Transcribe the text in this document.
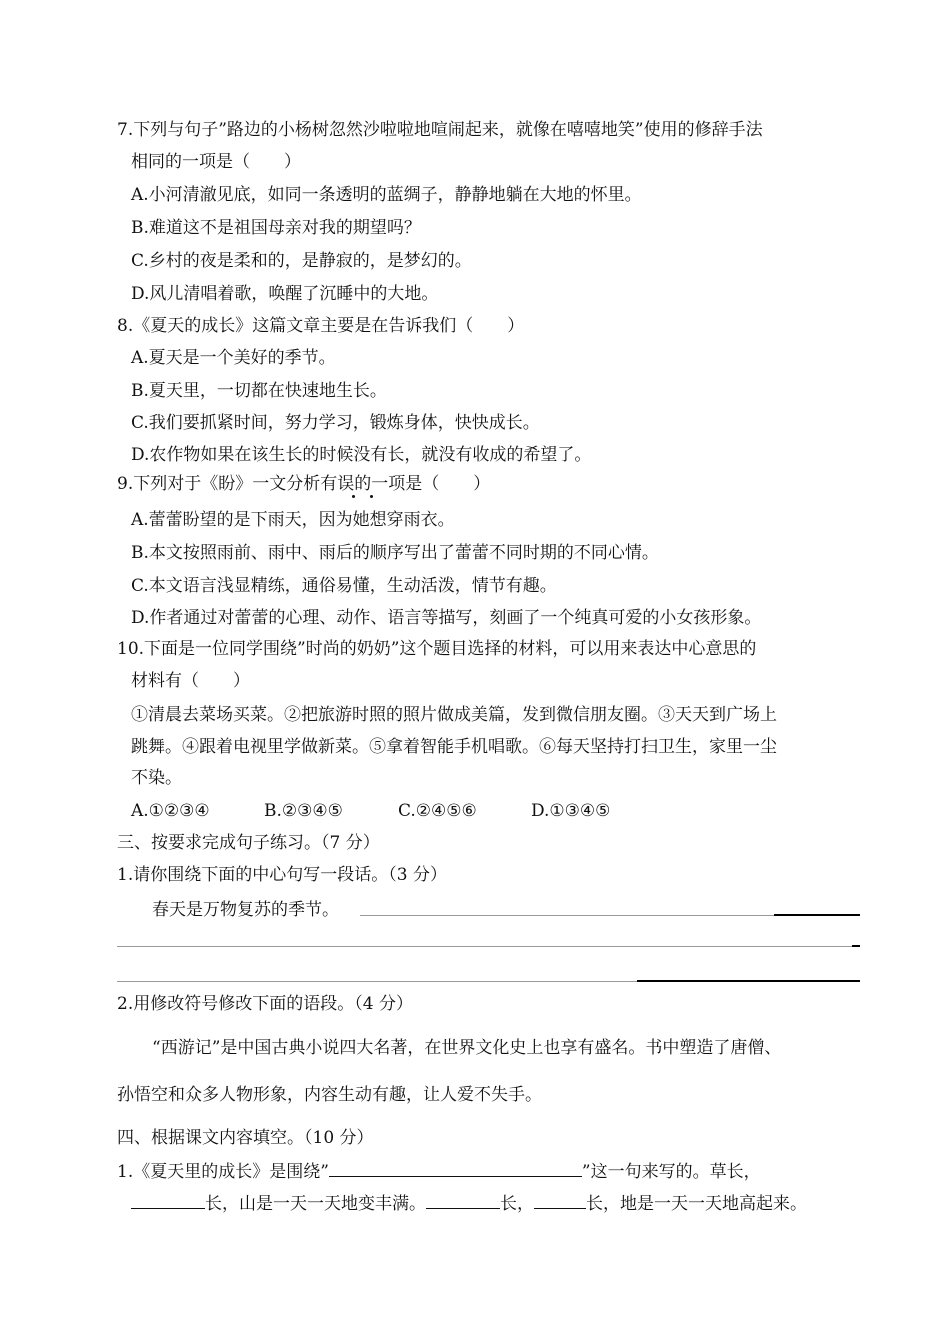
7.下列与句子”路边的小杨树忽然沙啦啦地喧闹起来，就像在嘻嘻地笑”使用的修辞手法
相同的一项是（　　）
A.小河清澈见底，如同一条透明的蓝绸子，静静地躺在大地的怀里。
B.难道这不是祖国母亲对我的期望吗？
C.乡村的夜是柔和的，是静寂的，是梦幻的。
D.风儿清唱着歌，唤醒了沉睡中的大地。
8.《夏天的成长》这篇文章主要是在告诉我们（　　）
A.夏天是一个美好的季节。
B.夏天里，一切都在快速地生长。
C.我们要抓紧时间，努力学习，锻炼身体，快快成长。
D.农作物如果在该生长的时候没有长，就没有收成的希望了。
9.下列对于《盼》一文分析有误的一项是（　　）
A.蕾蕾盼望的是下雨天，因为她想穿雨衣。
B.本文按照雨前、雨中、雨后的顺序写出了蕾蕾不同时期的不同心情。
C.本文语言浅显精练，通俗易懂，生动活泼，情节有趣。
D.作者通过对蕾蕾的心理、动作、语言等描写，刻画了一个纯真可爱的小女孩形象。
10.下面是一位同学围绕”时尚的奶奶”这个题目选择的材料，可以用来表达中心意思的
材料有（　　）
①清晨去菜场买菜。②把旅游时照的照片做成美篇，发到微信朋友圈。③天天到广场上
跳舞。④跟着电视里学做新菜。⑤拿着智能手机唱歌。⑥每天坚持打扫卫生，家里一尘
不染。
A.①②③④	B.②③④⑤	C.②④⑤⑥	D.①③④⑤
三、按要求完成句子练习。（7 分）
1.请你围绕下面的中心句写一段话。（3 分）
春天是万物复苏的季节。
2.用修改符号修改下面的语段。（4 分）
“西游记”是中国古典小说四大名著，在世界文化史上也享有盛名。书中塑造了唐僧、
孙悟空和众多人物形象，内容生动有趣，让人爱不失手。
四、根据课文内容填空。（10 分）
1.《夏天里的成长》是围绕”	”这一句来写的。草长，
长，山是一天一天地变丰满。	长，	长，地是一天一天地高起来。
